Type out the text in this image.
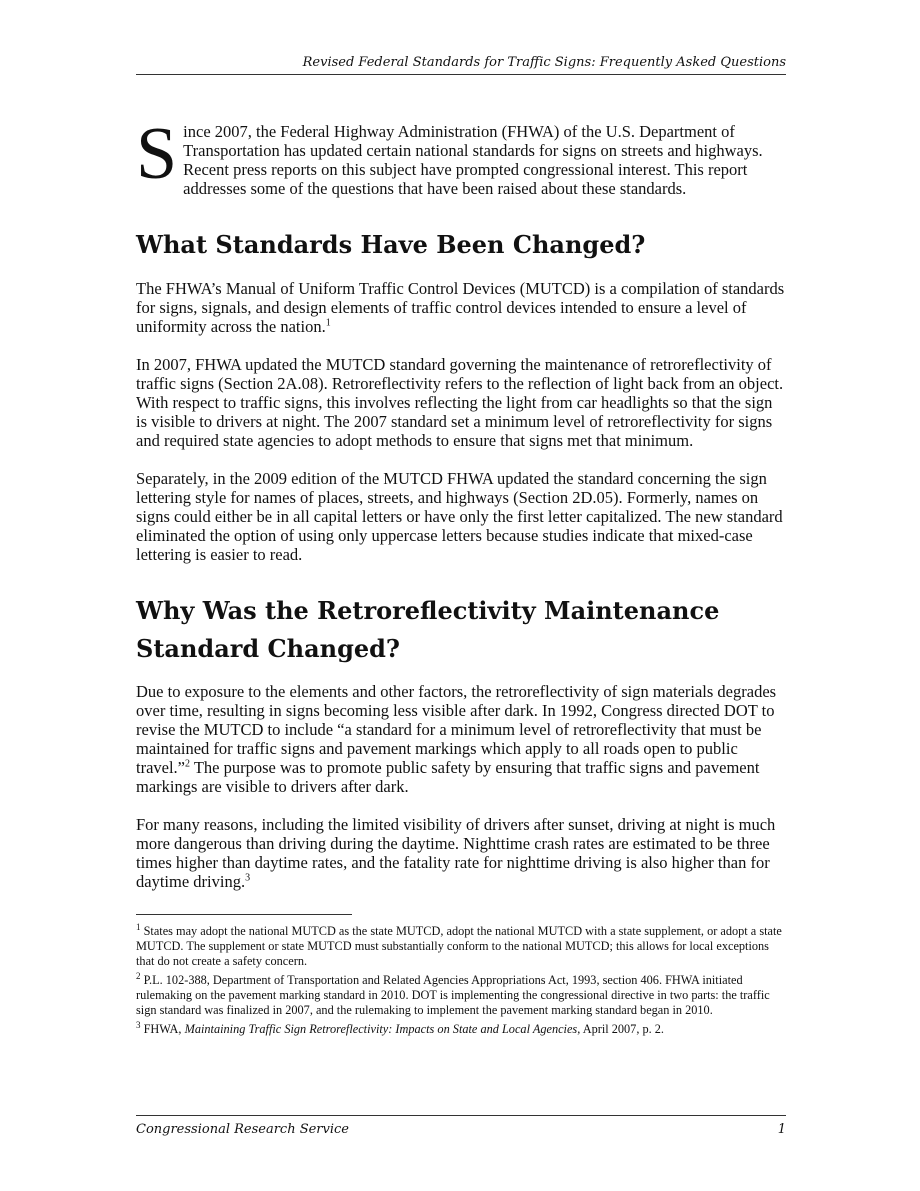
Revised Federal Standards for Traffic Signs: Frequently Asked Questions
S ince 2007, the Federal Highway Administration (FHWA) of the U.S. Department of Transportation has updated certain national standards for signs on streets and highways. Recent press reports on this subject have prompted congressional interest. This report addresses some of the questions that have been raised about these standards.
What Standards Have Been Changed?

The FHWA’s Manual of Uniform Traffic Control Devices (MUTCD) is a compilation of standards for signs, signals, and design elements of traffic control devices intended to ensure a level of uniformity across the nation.$^1$

In 2007, FHWA updated the MUTCD standard governing the maintenance of retroreflectivity of traffic signs (Section 2A.08). Retroreflectivity refers to the reflection of light back from an object. With respect to traffic signs, this involves reflecting the light from car headlights so that the sign is visible to drivers at night. The 2007 standard set a minimum level of retroreflectivity for signs and required state agencies to adopt methods to ensure that signs met that minimum.

Separately, in the 2009 edition of the MUTCD FHWA updated the standard concerning the sign lettering style for names of places, streets, and highways (Section 2D.05). Formerly, names on signs could either be in all capital letters or have only the first letter capitalized. The new standard eliminated the option of using only uppercase letters because studies indicate that mixed-case lettering is easier to read.

Why Was the Retroreflectivity Maintenance
Standard Changed?

Due to exposure to the elements and other factors, the retroreflectivity of sign materials degrades over time, resulting in signs becoming less visible after dark. In 1992, Congress directed DOT to revise the MUTCD to include “a standard for a minimum level of retroreflectivity that must be maintained for traffic signs and pavement markings which apply to all roads open to public travel.”$^2$ The purpose was to promote public safety by ensuring that traffic signs and pavement markings are visible to drivers after dark.

For many reasons, including the limited visibility of drivers after sunset, driving at night is much more dangerous than driving during the daytime. Nighttime crash rates are estimated to be three times higher than daytime rates, and the fatality rate for nighttime driving is also higher than for daytime driving.$^3$

$^1$ States may adopt the national MUTCD as the state MUTCD, adopt the national MUTCD with a state supplement, or adopt a state MUTCD. The supplement or state MUTCD must substantially conform to the national MUTCD; this allows for local exceptions that do not create a safety concern.

$^2$ P.L. 102-388, Department of Transportation and Related Agencies Appropriations Act, 1993, section 406. FHWA initiated rulemaking on the pavement marking standard in 2010. DOT is implementing the congressional directive in two parts: the traffic sign standard was finalized in 2007, and the rulemaking to implement the pavement marking standard began in 2010.

$^3$ FHWA, Maintaining Traffic Sign Retroreflectivity: Impacts on State and Local Agencies, April 2007, p. 2.

Congressional Research Service	1
